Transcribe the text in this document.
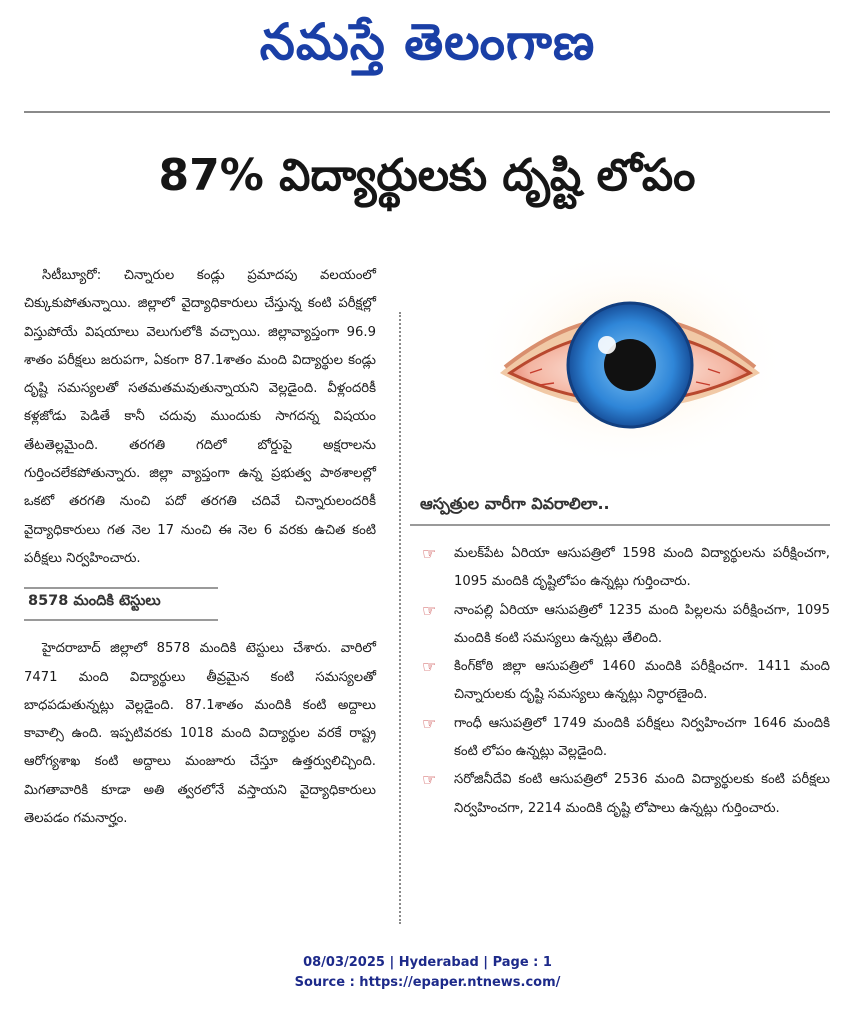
నమస్తే తెలంగాణ
87% విద్యార్థులకు దృష్టి లోపం

సిటీబ్యూరో: చిన్నారుల కండ్లు ప్రమాదపు వలయంలో చిక్కుకుపోతున్నాయి. జిల్లాలో వైద్యాధికారులు చేస్తున్న కంటి పరీక్షల్లో విస్తుపోయే విషయాలు వెలుగులోకి వచ్చాయి. జిల్లావ్యాప్తంగా 96.9 శాతం పరీక్షలు జరుపగా, ఏకంగా 87.1శాతం మంది విద్యార్థుల కండ్లు దృష్టి సమస్యలతో సతమతమవుతున్నాయని వెల్లడైంది. వీళ్లందరికీ కళ్లజోడు పెడితే కానీ చదువు ముందుకు సాగదన్న విషయం తేటతెల్లమైంది. తరగతి గదిలో బోర్డుపై అక్షరాలను గుర్తించలేకపోతున్నారు. జిల్లా వ్యాప్తంగా ఉన్న ప్రభుత్వ పాఠశాలల్లో ఒకటో తరగతి నుంచి పదో తరగతి చదివే చిన్నారులందరికీ వైద్యాధికారులు గత నెల 17 నుంచి ఈ నెల 6 వరకు ఉచిత కంటి పరీక్షలు నిర్వహించారు.

8578 మందికి టెస్టులు

హైదరాబాద్ జిల్లాలో 8578 మందికి టెస్టులు చేశారు. వారిలో 7471 మంది విద్యార్థులు తీవ్రమైన కంటి సమస్యలతో బాధపడుతున్నట్లు వెల్లడైంది. 87.1శాతం మందికి కంటి అద్దాలు కావాల్సి ఉంది. ఇప్పటివరకు 1018 మంది విద్యార్థుల వరకే రాష్ట్ర ఆరోగ్యశాఖ కంటి అద్దాలు మంజూరు చేస్తూ ఉత్తర్వులిచ్చింది. మిగతావారికి కూడా అతి త్వరలోనే వస్తాయని వైద్యాధికారులు తెలపడం గమనార్హం.

ఆస్పత్రుల వారీగా వివరాలిలా..
☞ మలక్‌పేట ఏరియా ఆసుపత్రిలో 1598 మంది విద్యార్థులను పరీక్షించగా, 1095 మందికి దృష్టిలోపం ఉన్నట్లు గుర్తించారు.
☞ నాంపల్లి ఏరియా ఆసుపత్రిలో 1235 మంది పిల్లలను పరీక్షించగా, 1095 మందికి కంటి సమస్యలు ఉన్నట్లు తేలింది.
☞ కింగ్‌కోఠి జిల్లా ఆసుపత్రిలో 1460 మందికి పరీక్షించగా. 1411 మంది చిన్నారులకు దృష్టి సమస్యలు ఉన్నట్లు నిర్ధారణైంది.
☞ గాంధీ ఆసుపత్రిలో 1749 మందికి పరీక్షలు నిర్వహించగా 1646 మందికి కంటి లోపం ఉన్నట్లు వెల్లడైంది.
☞ సరోజినీదేవి కంటి ఆసుపత్రిలో 2536 మంది విద్యార్థులకు కంటి పరీక్షలు నిర్వహించగా, 2214 మందికి దృష్టి లోపాలు ఉన్నట్లు గుర్తించారు.
08/03/2025 | Hyderabad | Page : 1
Source : https://epaper.ntnews.com/
